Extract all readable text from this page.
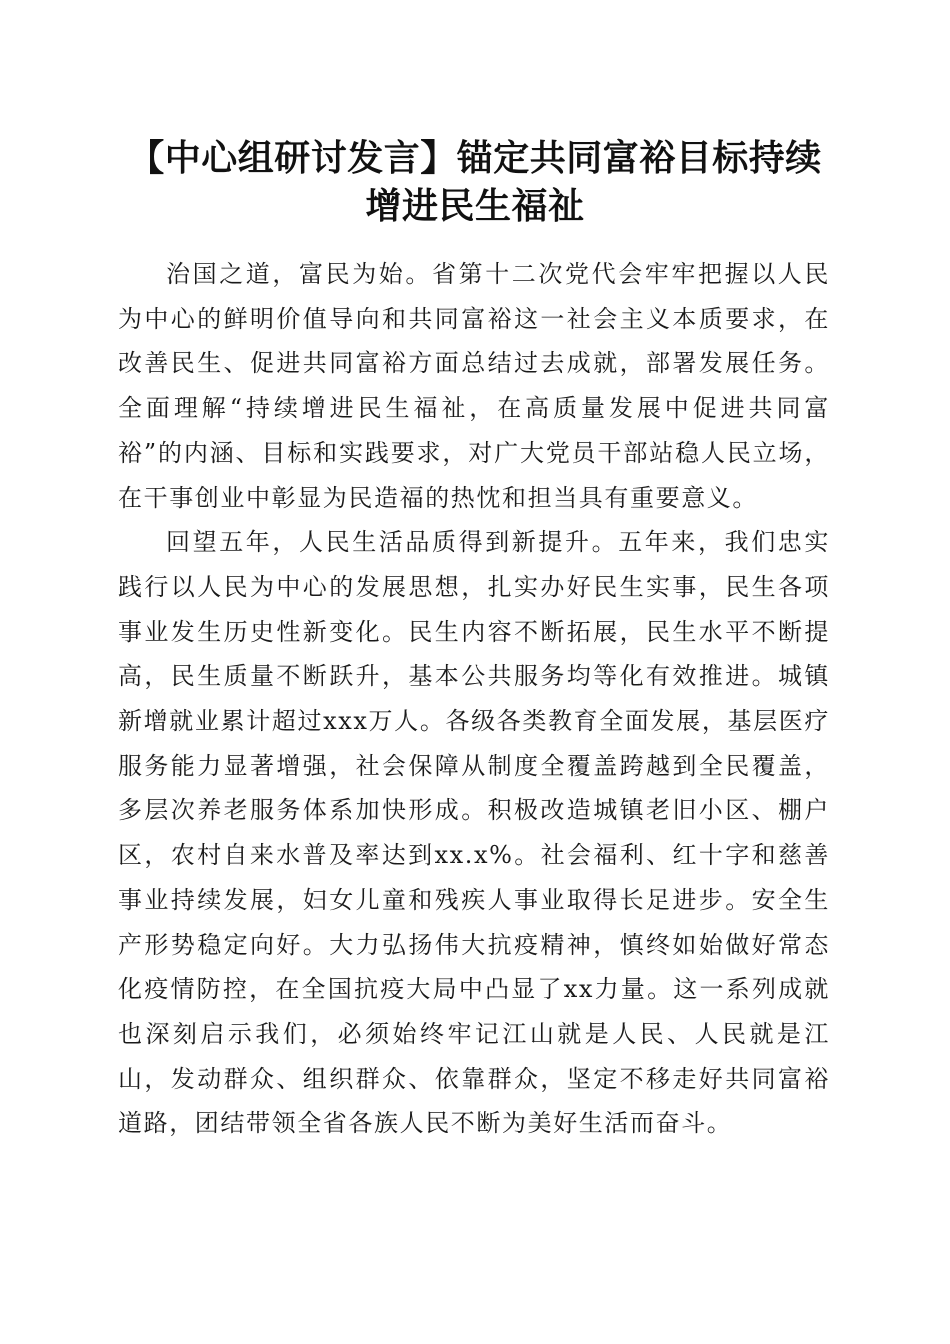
【中心组研讨发言】锚定共同富裕目标持续增进民生福祉

治国之道，富民为始。省第十二次党代会牢牢把握以人民为中心的鲜明价值导向和共同富裕这一社会主义本质要求，在改善民生、促进共同富裕方面总结过去成就，部署发展任务。全面理解“持续增进民生福祉，在高质量发展中促进共同富裕”的内涵、目标和实践要求，对广大党员干部站稳人民立场，在干事创业中彰显为民造福的热忱和担当具有重要意义。

回望五年，人民生活品质得到新提升。五年来，我们忠实践行以人民为中心的发展思想，扎实办好民生实事，民生各项事业发生历史性新变化。民生内容不断拓展，民生水平不断提高，民生质量不断跃升，基本公共服务均等化有效推进。城镇新增就业累计超过xxx万人。各级各类教育全面发展，基层医疗服务能力显著增强，社会保障从制度全覆盖跨越到全民覆盖，多层次养老服务体系加快形成。积极改造城镇老旧小区、棚户区，农村自来水普及率达到xx.x%。社会福利、红十字和慈善事业持续发展，妇女儿童和残疾人事业取得长足进步。安全生产形势稳定向好。大力弘扬伟大抗疫精神，慎终如始做好常态化疫情防控，在全国抗疫大局中凸显了xx力量。这一系列成就也深刻启示我们，必须始终牢记江山就是人民、人民就是江山，发动群众、组织群众、依靠群众，坚定不移走好共同富裕道路，团结带领全省各族人民不断为美好生活而奋斗。
